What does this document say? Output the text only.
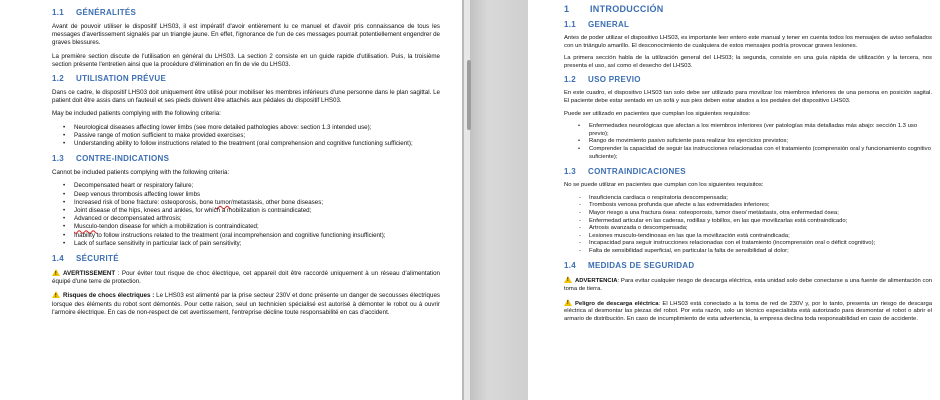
1.1 GÉNÉRALITÉS

Avant de pouvoir utiliser le dispositif LHS03, il est impératif d'avoir entièrement lu ce manuel et d'avoir pris connaissance de tous les messages d'avertissement signalés par un triangle jaune. En effet, l'ignorance de l'un de ces messages pourrait potentiellement engendrer de graves blessures.

La première section discute de l'utilisation en général du LHS03. La section 2 consiste en un guide rapide d'utilisation. Puis, la troisième section présente l'entretien ainsi que la procédure d'élimination en fin de vie du LHS03.

1.2 UTILISATION PRÉVUE

Dans ce cadre, le dispositif LHS03 doit uniquement être utilisé pour mobiliser les membres inférieurs d'une personne dans le plan sagittal. Le patient doit être assis dans un fauteuil et ses pieds doivent être attachés aux pédales du dispositif LHS03.

May be included patients complying with the following criteria:

• Neurological diseases affecting lower limbs (see more detailed pathologies above: section 1.3 intended use);
• Passive range of motion sufficient to make provided exercises;
• Understanding ability to follow instructions related to the treatment (oral comprehension and cognitive functioning sufficient);
1.3 CONTRE-INDICATIONS

Cannot be included patients complying with the following criteria:

• Decompensated heart or respiratory failure;
• Deep venous thrombosis affecting lower limbs
• Increased risk of bone fracture: osteoporosis, bone tumor/metastasis, other bone diseases;
• Joint disease of the hips, knees and ankles, for which a mobilization is contraindicated;
• Advanced or decompensated arthrosis;
• Musculo-tendon disease for which a mobilization is contraindicated;
• Inability to follow instructions related to the treatment (oral incomprehension and cognitive functioning insufficient);
• Lack of surface sensitivity in particular lack of pain sensitivity;
1.4 SÉCURITÉ

!AVERTISSEMENT : Pour éviter tout risque de choc électrique, cet appareil doit être raccordé uniquement à un réseau d'alimentation équipé d'une terre de protection.

!Risques de chocs électriques : Le LHS03 est alimenté par la prise secteur 230V et donc présente un danger de secousses électriques lorsque des éléments du robot sont démontés. Pour cette raison, seul un technicien spécialisé est autorisé à démonter le robot ou à ouvrir l'armoire électrique. En cas de non-respect de cet avertissement, l'entreprise décline toute responsabilité en cas d'accident.

1 INTRODUCCIÓN
1.1 GENERAL

Antes de poder utilizar el dispositivo LHS03, es importante leer entero este manual y tener en cuenta todos los mensajes de aviso señalados con un triángulo amarillo. El desconocimiento de cualquiera de estos mensajes podría provocar graves lesiones.

La primera sección habla de la utilización general del LHS03; la segunda, consiste en una guía rápida de utilización y la tercera, nos presenta el uso, así como el desecho del LHS03.

1.2 USO PREVIO

En este cuadro, el dispositivo LHS03 tan solo debe ser utilizado para movilizar los miembros inferiores de una persona en posición sagital. El paciente debe estar sentado en un sofá y sus pies deben estar atados a los pedales del dispositivo LHS03.

Puede ser utilizado en pacientes que cumplan los siguientes requisitos:

• Enfermedades neurológicas que afectan a los miembros inferiores (ver patologías más detalladas más abajo: sección 1.3 uso previo);
• Rango de movimiento pasivo suficiente para realizar los ejercicios previstos;
• Comprender la capacidad de seguir las instrucciones relacionadas con el tratamiento (comprensión oral y funcionamiento cognitivo suficiente);
1.3 CONTRAINDICACIONES

No se puede utilizar en pacientes que cumplan con los siguientes requisitos:

- Insuficiencia cardiaca o respiratoria descompensada;
- Trombosis venosa profunda que afecte a las extremidades inferiores;
- Mayor riesgo a una fractura ósea: osteoporosis, tumor óseo/ metástasis, otra enfermedad ósea;
- Enfermedad articular en las caderas, rodillas y tobillos, en las que movilizarlas está contraindicado;
- Artrosis avanzada o descompensada;
- Lesiones musculo-tendinosas en las que la movilización está contraindicada;
- Incapacidad para seguir instrucciones relacionadas con el tratamiento (incomprensión oral o déficit cognitivo);
- Falta de sensibilidad superficial, en particular la falta de sensibilidad al dolor;
1.4 MEDIDAS DE SEGURIDAD

!ADVERTENCIA: Para evitar cualquier riesgo de descarga eléctrica, esta unidad solo debe conectarse a una fuente de alimentación con toma de tierra.

!Peligro de descarga eléctrica: El LHS03 está conectado a la toma de red de 230V y, por lo tanto, presenta un riesgo de descarga eléctrica al desmontar las piezas del robot. Por esta razón, solo un técnico especialista está autorizado para desmontar el robot o abrir el armario de distribución. En caso de incumplimiento de esta advertencia, la empresa declina toda responsabilidad en caso de accidente.
